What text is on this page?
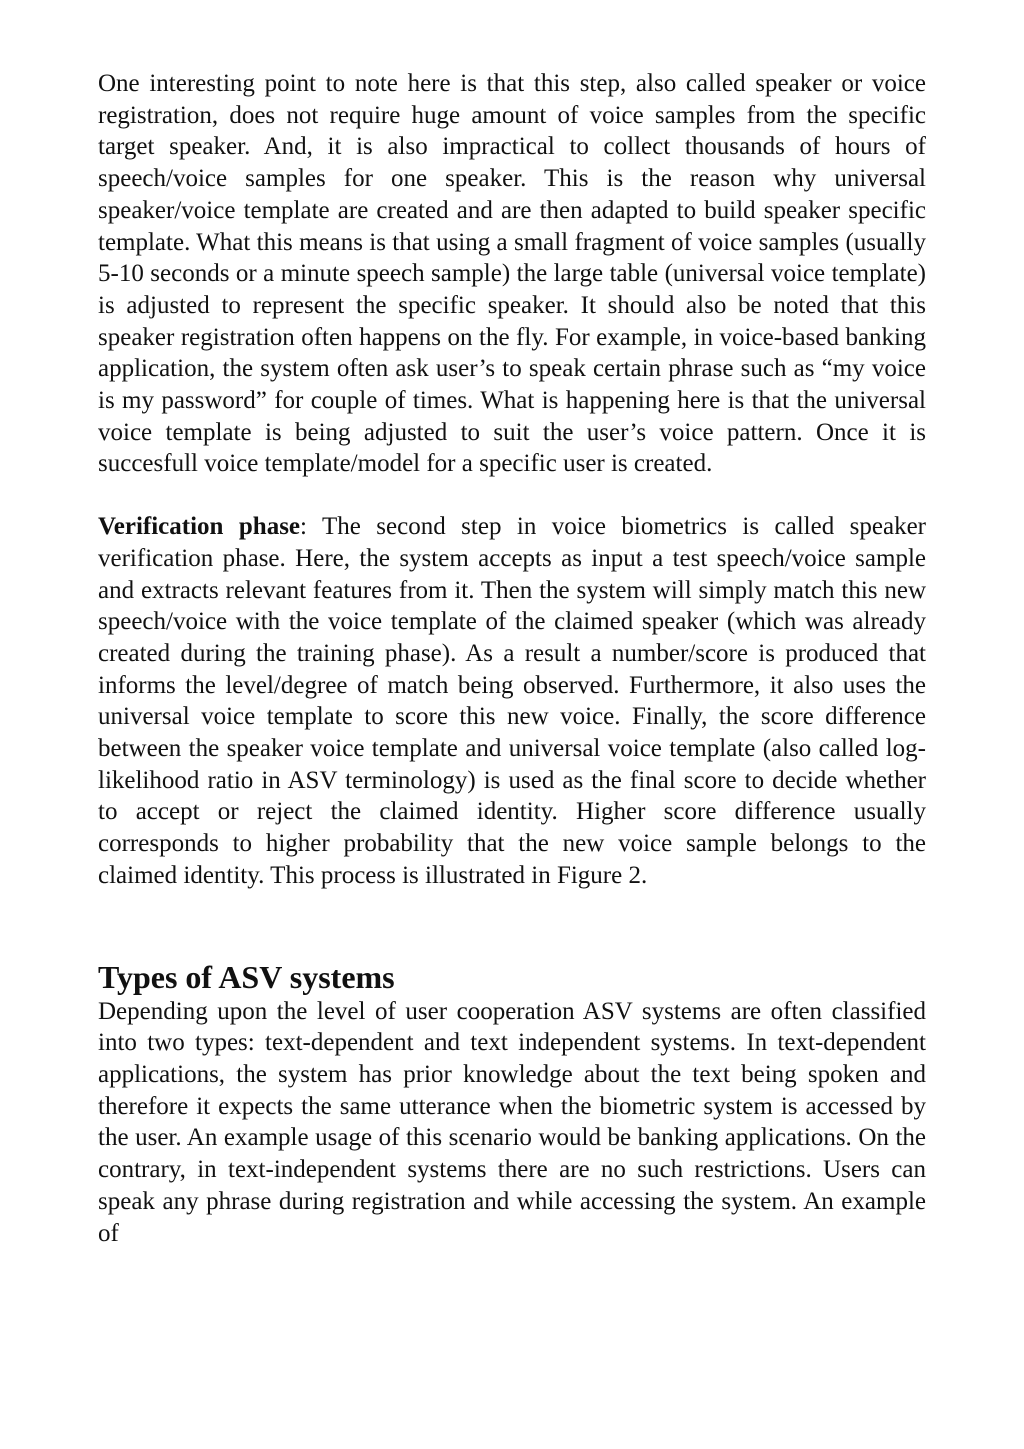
One interesting point to note here is that this step, also called speaker or voice registration, does not require huge amount of voice samples from the specific target speaker. And, it is also impractical to collect thousands of hours of speech/voice samples for one speaker. This is the reason why universal speaker/voice template are created and are then adapted to build speaker specific template. What this means is that using a small fragment of voice samples (usually 5-10 seconds or a minute speech sample) the large table (universal voice template) is adjusted to represent the specific speaker. It should also be noted that this speaker registration often happens on the fly. For example, in voice-based banking application, the system often ask user’s to speak certain phrase such as “my voice is my password” for couple of times. What is happening here is that the universal voice template is being adjusted to suit the user’s voice pattern. Once it is succesfull voice template/model for a specific user is created.

Verification phase: The second step in voice biometrics is called speaker verification phase. Here, the system accepts as input a test speech/voice sample and extracts relevant features from it. Then the system will simply match this new speech/voice with the voice template of the claimed speaker (which was already created during the training phase). As a result a number/score is produced that informs the level/degree of match being observed. Furthermore, it also uses the universal voice template to score this new voice. Finally, the score difference between the speaker voice template and universal voice template (also called log-likelihood ratio in ASV terminology) is used as the final score to decide whether to accept or reject the claimed identity. Higher score difference usually corresponds to higher probability that the new voice sample belongs to the claimed identity. This process is illustrated in Figure 2.

Types of ASV systems

Depending upon the level of user cooperation ASV systems are often classified into two types: text-dependent and text independent systems. In text-dependent applications, the system has prior knowledge about the text being spoken and therefore it expects the same utterance when the biometric system is accessed by the user. An example usage of this scenario would be banking applications. On the contrary, in text-independent systems there are no such restrictions. Users can speak any phrase during registration and while accessing the system. An example of
